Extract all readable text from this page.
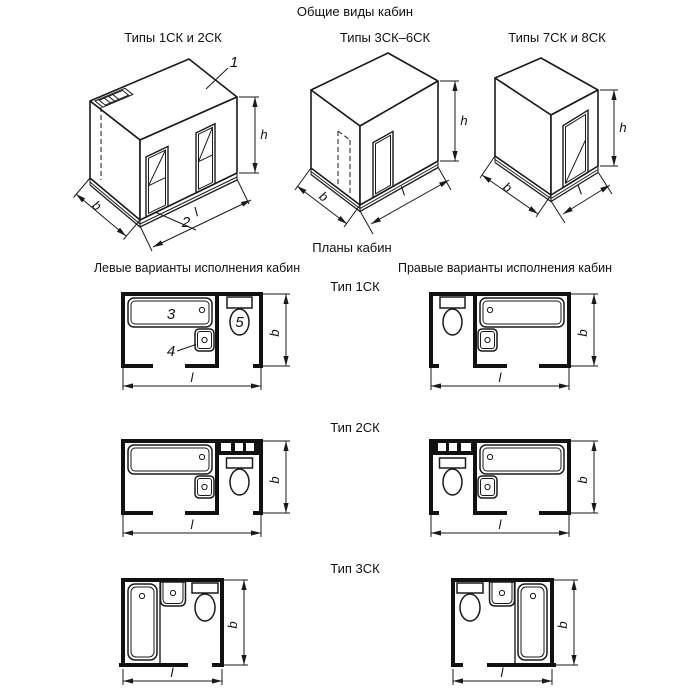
Общие виды кабин
Типы 1СК и 2СК	Типы 3СК–6СК	Типы 7СК и 8СК
1
2
h
b	l
h
b	l
h
b	l
Планы кабин
Левые варианты исполнения кабин	Правые варианты исполнения кабин
Тип 1СК
Тип 2СК
Тип 3СК
3
4
5
b
l
b
l
b
l
b
l
b
l
b
l
